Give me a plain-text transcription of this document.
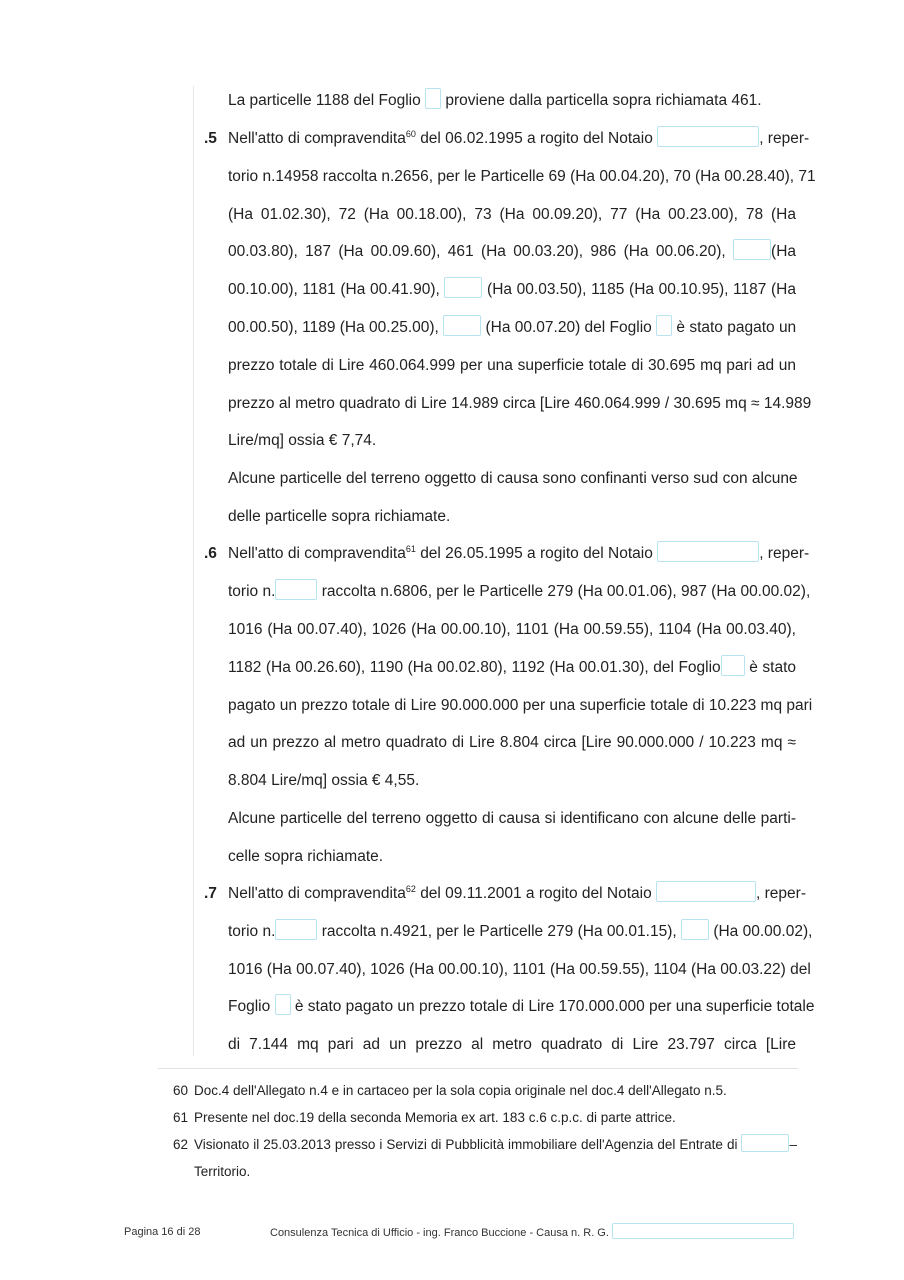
La particelle 1188 del Foglio proviene dalla particella sopra richiamata 461.
.5 Nell'atto di compravendita$^{60}$ del 06.02.1995 a rogito del Notaio	, reper-
torio n.14958 raccolta n.2656, per le Particelle 69 (Ha 00.04.20), 70 (Ha 00.28.40), 71
(Ha 01.02.30), 72 (Ha 00.18.00), 73 (Ha 00.09.20), 77 (Ha 00.23.00), 78 (Ha
00.03.80), 187 (Ha 00.09.60), 461 (Ha 00.03.20), 986 (Ha 00.06.20),	(Ha
00.10.00), 1181 (Ha 00.41.90),	(Ha 00.03.50), 1185 (Ha 00.10.95), 1187 (Ha
00.00.50), 1189 (Ha 00.25.00),	(Ha 00.07.20) del Foglio è stato pagato un
prezzo totale di Lire 460.064.999 per una superficie totale di 30.695 mq pari ad un
prezzo al metro quadrato di Lire 14.989 circa [Lire 460.064.999 / 30.695 mq ≈ 14.989
Lire/mq] ossia € 7,74.
Alcune particelle del terreno oggetto di causa sono confinanti verso sud con alcune
delle particelle sopra richiamate.
.6 Nell'atto di compravendita$^{61}$ del 26.05.1995 a rogito del Notaio	, reper-
torio n.	raccolta n.6806, per le Particelle 279 (Ha 00.01.06), 987 (Ha 00.00.02),
1016 (Ha 00.07.40), 1026 (Ha 00.00.10), 1101 (Ha 00.59.55), 1104 (Ha 00.03.40),
1182 (Ha 00.26.60), 1190 (Ha 00.02.80), 1192 (Ha 00.01.30), del Foglio è stato
pagato un prezzo totale di Lire 90.000.000 per una superficie totale di 10.223 mq pari
ad un prezzo al metro quadrato di Lire 8.804 circa [Lire 90.000.000 / 10.223 mq ≈
8.804 Lire/mq] ossia € 4,55.
Alcune particelle del terreno oggetto di causa si identificano con alcune delle parti-
celle sopra richiamate.
.7 Nell'atto di compravendita$^{62}$ del 09.11.2001 a rogito del Notaio	, reper-
torio n.	raccolta n.4921, per le Particelle 279 (Ha 00.01.15), (Ha 00.00.02),
1016 (Ha 00.07.40), 1026 (Ha 00.00.10), 1101 (Ha 00.59.55), 1104 (Ha 00.03.22) del
Foglio è stato pagato un prezzo totale di Lire 170.000.000 per una superficie totale
di 7.144 mq pari ad un prezzo al metro quadrato di Lire 23.797 circa [Lire
60 Doc.4 dell'Allegato n.4 e in cartaceo per la sola copia originale nel doc.4 dell'Allegato n.5.
61 Presente nel doc.19 della seconda Memoria ex art. 183 c.6 c.p.c. di parte attrice.
62 Visionato il 25.03.2013 presso i Servizi di Pubblicità immobiliare dell'Agenzia del Entrate di	–
Territorio.
Pagina 16 di 28	Consulenza Tecnica di Ufficio - ing. Franco Buccione - Causa n. R. G.
